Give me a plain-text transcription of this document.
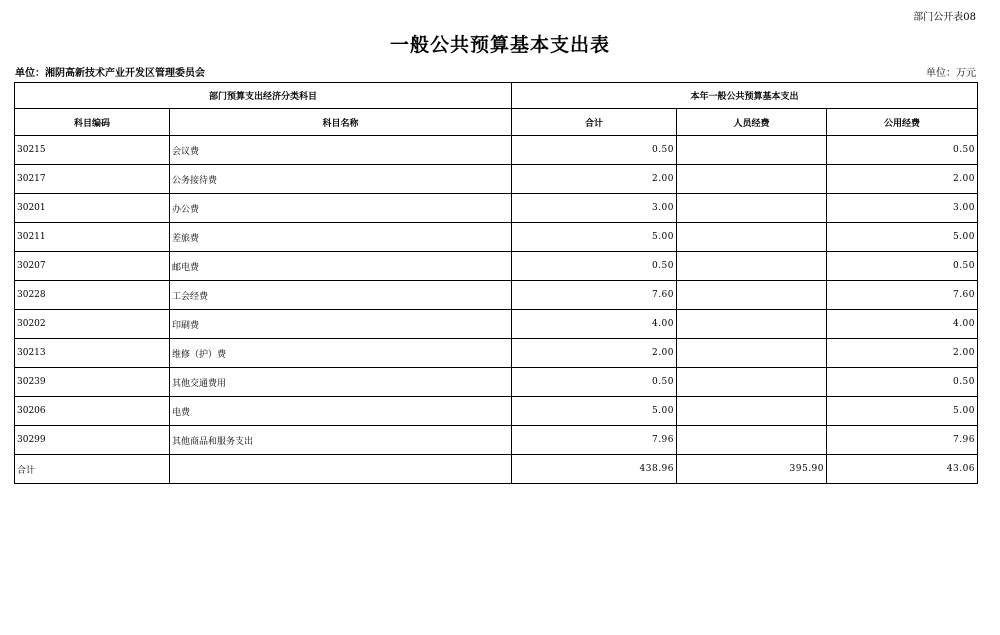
部门公开表08
一般公共预算基本支出表
单位：湘阴高新技术产业开发区管理委员会	单位：万元
部门预算支出经济分类科目		本年一般公共预算基本支出		
科目编码	科目名称	合计	人员经费	公用经费
30215	会议费	0.50		0.50
30217	公务接待费	2.00		2.00
30201	办公费	3.00		3.00
30211	差旅费	5.00		5.00
30207	邮电费	0.50		0.50
30228	工会经费	7.60		7.60
30202	印刷费	4.00		4.00
30213	维修（护）费	2.00		2.00
30239	其他交通费用	0.50		0.50
30206	电费	5.00		5.00
30299	其他商品和服务支出	7.96		7.96
合计		438.96	395.90	43.06
